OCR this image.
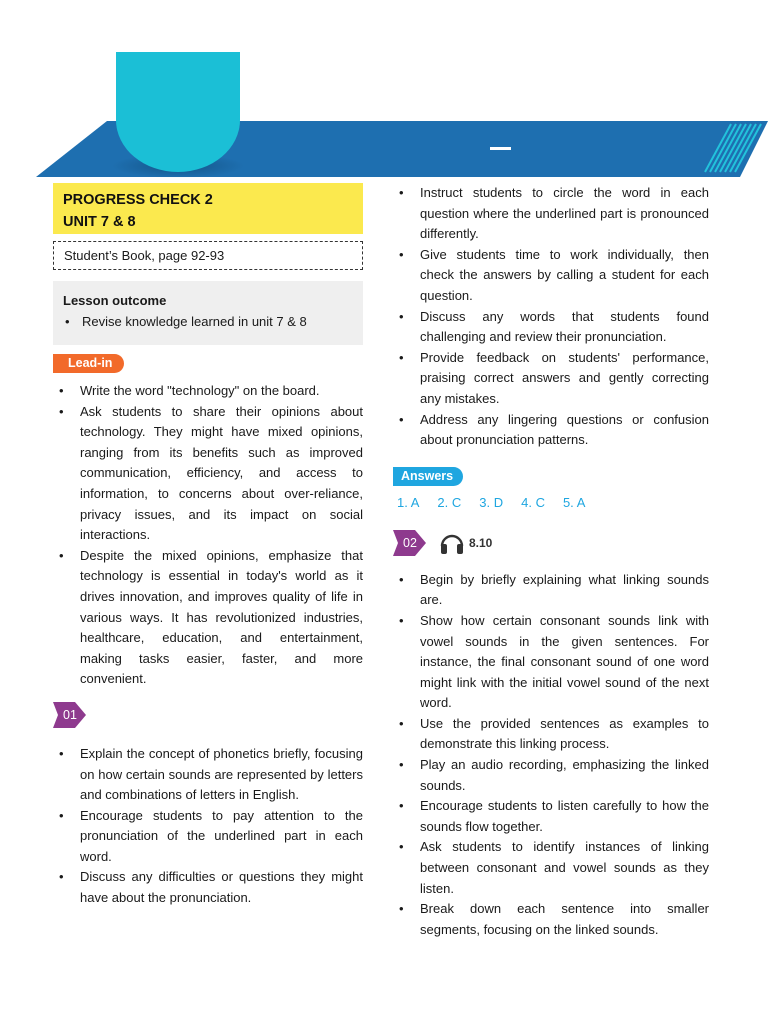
PROGRESS CHECK 2
UNIT 7 & 8
Student’s Book, page 92-93
Lesson outcome
• Revise knowledge learned in unit 7 & 8
Lead-in
• Write the word "technology" on the board.
• Ask students to share their opinions about technology. They might have mixed opinions, ranging from its benefits such as improved communication, efficiency, and access to information, to concerns about over-reliance, privacy issues, and its impact on social interactions.
• Despite the mixed opinions, emphasize that technology is essential in today's world as it drives innovation, and improves quality of life in various ways. It has revolutionized industries, healthcare, education, and entertainment, making tasks easier, faster, and more convenient.
01
• Explain the concept of phonetics briefly, focusing on how certain sounds are represented by letters and combinations of letters in English.
• Encourage students to pay attention to the pronunciation of the underlined part in each word.
• Discuss any difficulties or questions they might have about the pronunciation.
• Instruct students to circle the word in each question where the underlined part is pronounced differently.
• Give students time to work individually, then check the answers by calling a student for each question.
• Discuss any words that students found challenging and review their pronunciation.
• Provide feedback on students' performance, praising correct answers and gently correcting any mistakes.
• Address any lingering questions or confusion about pronunciation patterns.
Answers
1. A 2. C 3. D 4. C 5. A
02	8.10
• Begin by briefly explaining what linking sounds are.
• Show how certain consonant sounds link with vowel sounds in the given sentences. For instance, the final consonant sound of one word might link with the initial vowel sound of the next word.
• Use the provided sentences as examples to demonstrate this linking process.
• Play an audio recording, emphasizing the linked sounds.
• Encourage students to listen carefully to how the sounds flow together.
• Ask students to identify instances of linking between consonant and vowel sounds as they listen.
• Break down each sentence into smaller segments, focusing on the linked sounds.
